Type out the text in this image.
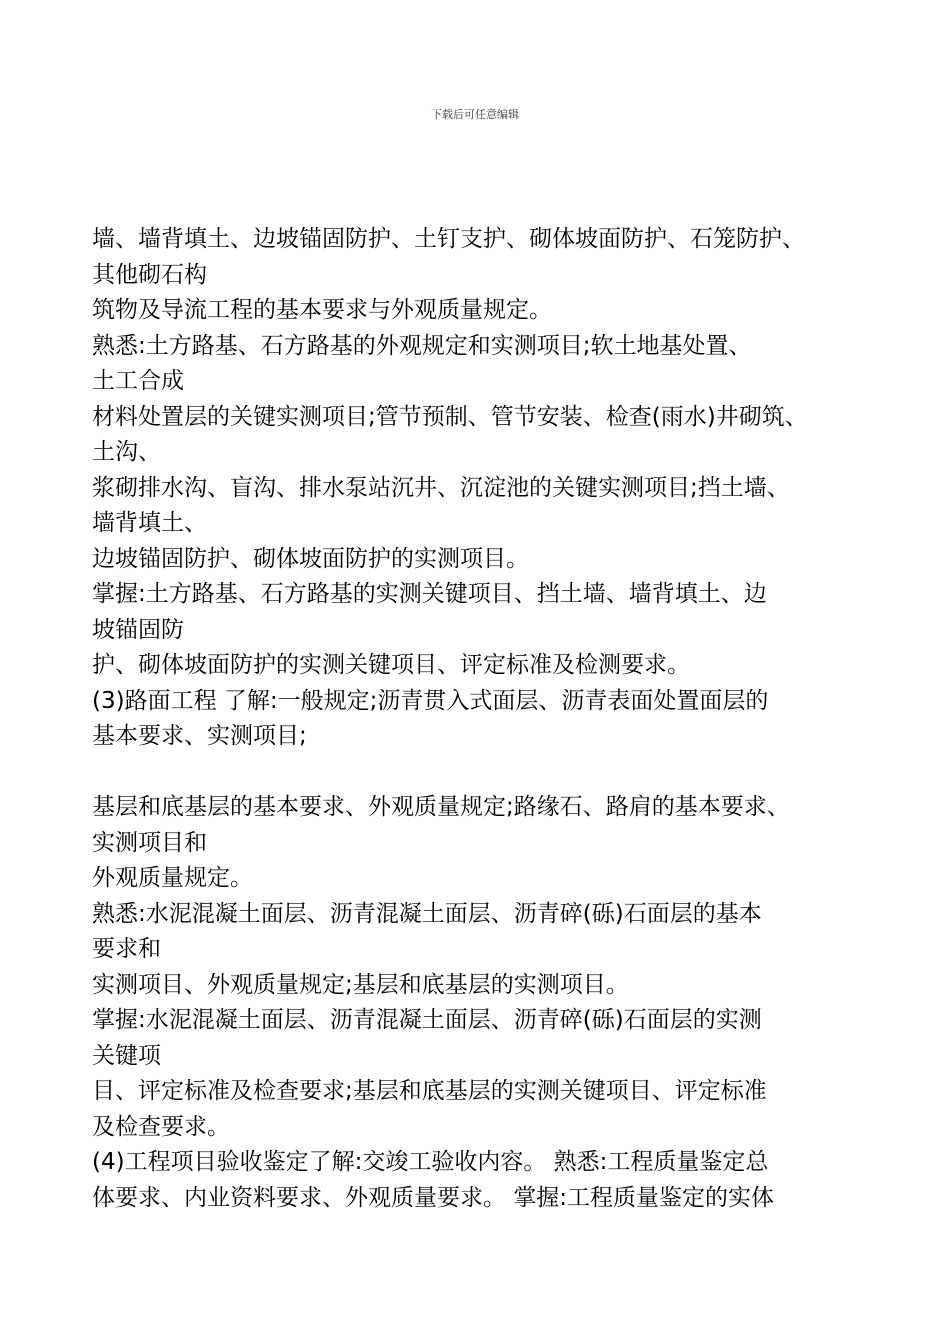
下载后可任意编辑
墙、墙背填土、边坡锚固防护、土钉支护、砌体坡面防护、石笼防护、
其他砌石构
筑物及导流工程的基本要求与外观质量规定。
熟悉:土方路基、石方路基的外观规定和实测项目;软土地基处置、
土工合成
材料处置层的关键实测项目;管节预制、管节安装、检查(雨水)井砌筑、
土沟、
浆砌排水沟、盲沟、排水泵站沉井、沉淀池的关键实测项目;挡土墙、
墙背填土、
边坡锚固防护、砌体坡面防护的实测项目。
掌握:土方路基、石方路基的实测关键项目、挡土墙、墙背填土、边
坡锚固防
护、砌体坡面防护的实测关键项目、评定标准及检测要求。
(3)路面工程 了解:一般规定;沥青贯入式面层、沥青表面处置面层的
基本要求、实测项目;
基层和底基层的基本要求、外观质量规定;路缘石、路肩的基本要求、
实测项目和
外观质量规定。
熟悉:水泥混凝土面层、沥青混凝土面层、沥青碎(砾)石面层的基本
要求和
实测项目、外观质量规定;基层和底基层的实测项目。
掌握:水泥混凝土面层、沥青混凝土面层、沥青碎(砾)石面层的实测
关键项
目、评定标准及检查要求;基层和底基层的实测关键项目、评定标准
及检查要求。
(4)工程项目验收鉴定了解:交竣工验收内容。 熟悉:工程质量鉴定总
体要求、内业资料要求、外观质量要求。 掌握:工程质量鉴定的实体
